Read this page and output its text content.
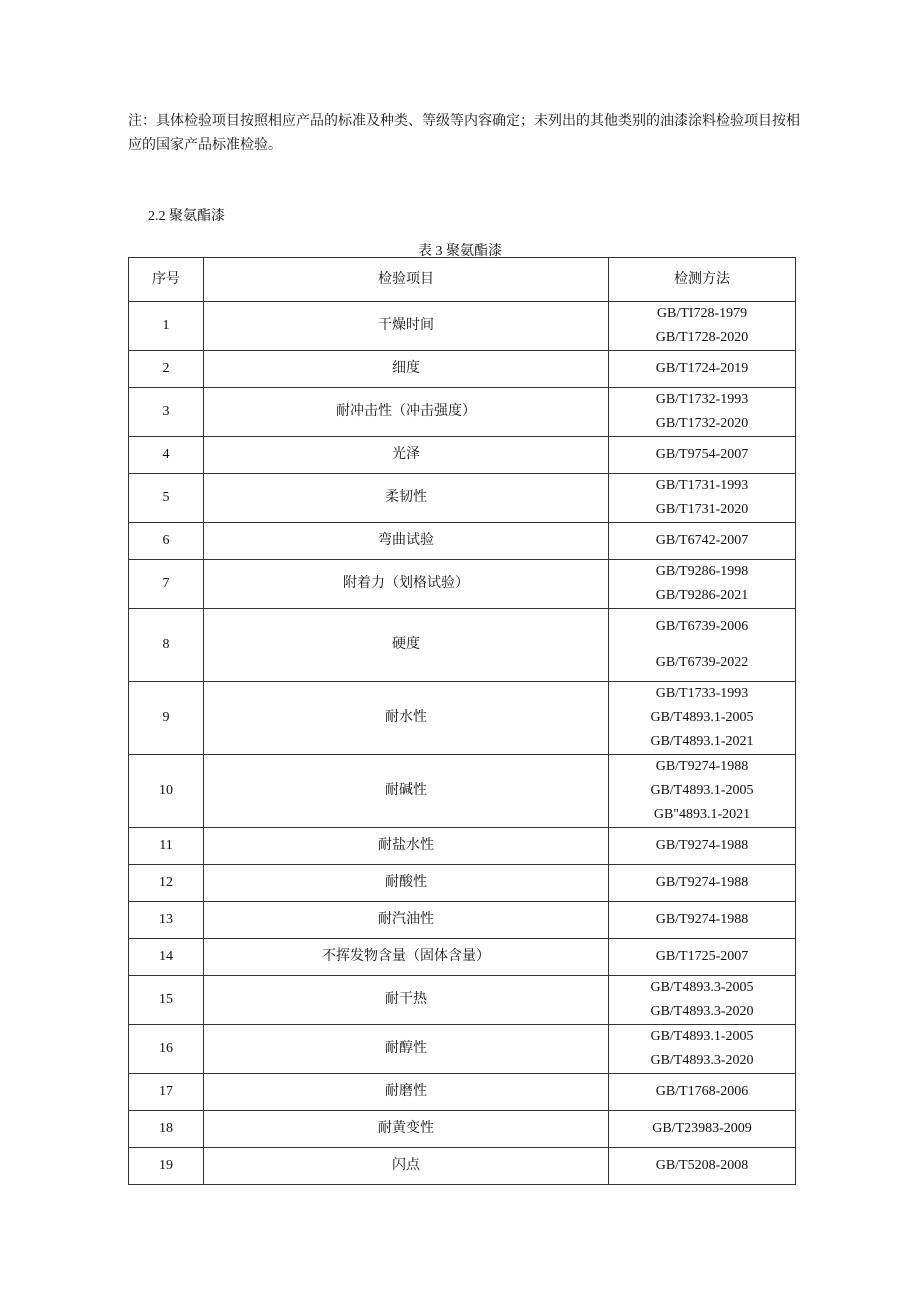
注：具体检验项目按照相应产品的标准及种类、等级等内容确定；未列出的其他类别的油漆涂料检验项目按相应的国家产品标准检验。
2.2 聚氨酯漆
表 3 聚氨酯漆
序号	检验项目	检测方法
1	干燥时间	GB/TI728-1979
GB/T1728-2020

2	细度	GB/T1724-2019

3	耐冲击性（冲击强度）	GB/T1732-1993
GB/T1732-2020

4	光泽	GB/T9754-2007

5	柔韧性	GB/T1731-1993
GB/T1731-2020

6	弯曲试验	GB/T6742-2007

7	附着力（划格试验）	GB/T9286-1998
GB/T9286-2021

8	硬度	GB/T6739-2006
GB/T6739-2022

9	耐水性	GB/T1733-1993
GB/T4893.1-2005
GB/T4893.1-2021

10	耐碱性	GB/T9274-1988
GB/T4893.1-2005
GB"4893.1-2021

11	耐盐水性	GB/T9274-1988

12	耐酸性	GB/T9274-1988

13	耐汽油性	GB/T9274-1988

14	不挥发物含量（固体含量）	GB/T1725-2007

15	耐干热	GB/T4893.3-2005
GB/T4893.3-2020

16	耐醇性	GB/T4893.1-2005
GB/T4893.3-2020

17	耐磨性	GB/T1768-2006

18	耐黄变性	GB/T23983-2009

19	闪点	GB/T5208-2008
